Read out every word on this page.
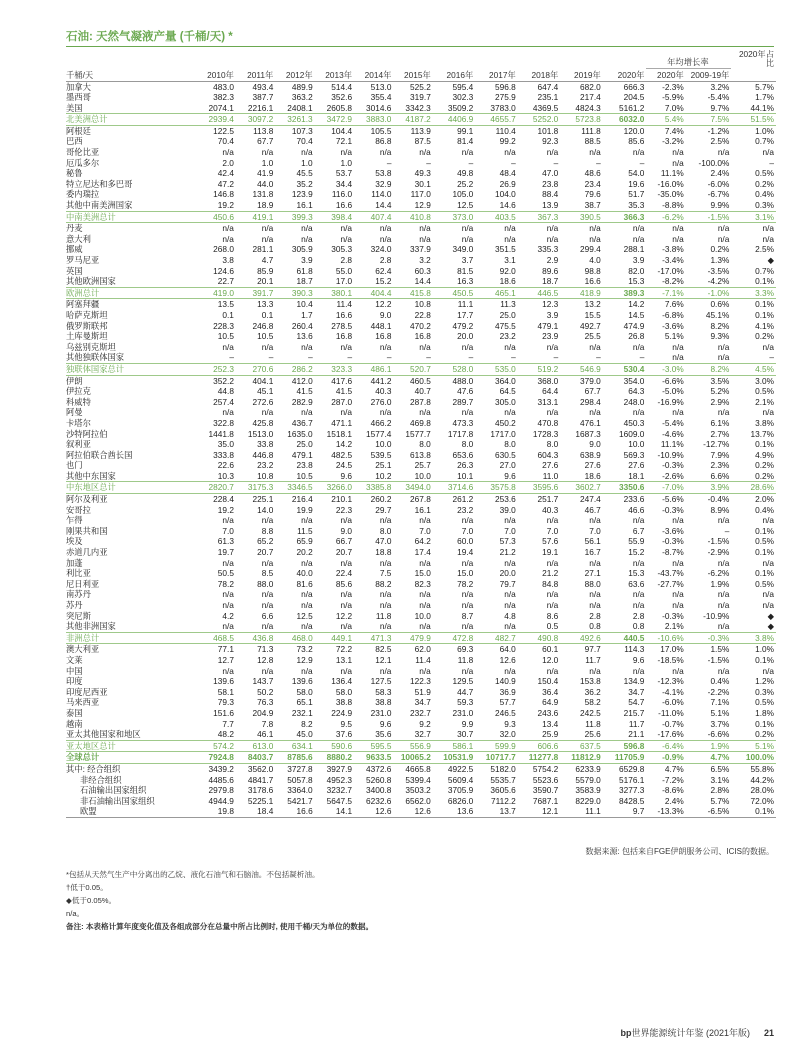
石油: 天然气凝液产量 (千桶/天) *
												年均增长率		2020年占比
千桶/天	2010年	2011年	2012年	2013年	2014年	2015年	2016年	2017年	2018年	2019年	2020年	2020年	2009-19年	
加拿大	483.0	493.4	489.9	514.4	513.0	525.2	595.4	596.8	647.4	682.0	666.3	-2.3%	3.2%	5.7%
墨西哥	382.3	387.7	363.2	352.6	355.4	319.7	302.3	275.9	235.1	217.4	204.5	-5.9%	-5.4%	1.7%
美国	2074.1	2216.1	2408.1	2605.8	3014.6	3342.3	3509.2	3783.0	4369.5	4824.3	5161.2	7.0%	9.7%	44.1%
北美洲总计	2939.4	3097.2	3261.3	3472.9	3883.0	4187.2	4406.9	4655.7	5252.0	5723.8	6032.0	5.4%	7.5%	51.5%
阿根廷	122.5	113.8	107.3	104.4	105.5	113.9	99.1	110.4	101.8	111.8	120.0	7.4%	-1.2%	1.0%
巴西	70.4	67.7	70.4	72.1	86.8	87.5	81.4	99.2	92.3	88.5	85.6	-3.2%	2.5%	0.7%
哥伦比亚	n/a	n/a	n/a	n/a	n/a	n/a	n/a	n/a	n/a	n/a	n/a	n/a	n/a	n/a
厄瓜多尔	2.0	1.0	1.0	1.0	–	–	–	–	–	–	–	n/a	-100.0%	–
秘鲁	42.4	41.9	45.5	53.7	53.8	49.3	49.8	48.4	47.0	48.6	54.0	11.1%	2.4%	0.5%
特立尼达和多巴哥	47.2	44.0	35.2	34.4	32.9	30.1	25.2	26.9	23.8	23.4	19.6	-16.0%	-6.0%	0.2%
委内瑞拉	146.8	131.8	123.9	116.0	114.0	117.0	105.0	104.0	88.4	79.6	51.7	-35.0%	-6.7%	0.4%
其他中南美洲国家	19.2	18.9	16.1	16.6	14.4	12.9	12.5	14.6	13.9	38.7	35.3	-8.8%	9.9%	0.3%
中南美洲总计	450.6	419.1	399.3	398.4	407.4	410.8	373.0	403.5	367.3	390.5	366.3	-6.2%	-1.5%	3.1%
丹麦	n/a	n/a	n/a	n/a	n/a	n/a	n/a	n/a	n/a	n/a	n/a	n/a	n/a	n/a
意大利	n/a	n/a	n/a	n/a	n/a	n/a	n/a	n/a	n/a	n/a	n/a	n/a	n/a	n/a
挪威	268.0	281.1	305.9	305.3	324.0	337.9	349.0	351.5	335.3	299.4	288.1	-3.8%	0.2%	2.5%
罗马尼亚	3.8	4.7	3.9	2.8	2.8	3.2	3.7	3.1	2.9	4.0	3.9	-3.4%	1.3%	◆
英国	124.6	85.9	61.8	55.0	62.4	60.3	81.5	92.0	89.6	98.8	82.0	-17.0%	-3.5%	0.7%
其他欧洲国家	22.7	20.1	18.7	17.0	15.2	14.4	16.3	18.6	18.7	16.6	15.3	-8.2%	-4.2%	0.1%
欧洲总计	419.0	391.7	390.3	380.1	404.4	415.8	450.5	465.1	446.5	418.9	389.3	-7.1%	-1.0%	3.3%
阿塞拜疆	13.5	13.3	10.4	11.4	12.2	10.8	11.1	11.3	12.3	13.2	14.2	7.6%	0.6%	0.1%
哈萨克斯坦	0.1	0.1	1.7	16.6	9.0	22.8	17.7	25.0	3.9	15.5	14.5	-6.8%	45.1%	0.1%
俄罗斯联邦	228.3	246.8	260.4	278.5	448.1	470.2	479.2	475.5	479.1	492.7	474.9	-3.6%	8.2%	4.1%
土库曼斯坦	10.5	10.5	13.6	16.8	16.8	16.8	20.0	23.2	23.9	25.5	26.8	5.1%	9.3%	0.2%
乌兹别克斯坦	n/a	n/a	n/a	n/a	n/a	n/a	n/a	n/a	n/a	n/a	n/a	n/a	n/a	n/a
其他独联体国家	–	–	–	–	–	–	–	–	–	–	–	n/a	n/a	–
独联体国家总计	252.3	270.6	286.2	323.3	486.1	520.7	528.0	535.0	519.2	546.9	530.4	-3.0%	8.2%	4.5%
伊朗	352.2	404.1	412.0	417.6	441.2	460.5	488.0	364.0	368.0	379.0	354.0	-6.6%	3.5%	3.0%
伊拉克	44.8	45.1	41.5	41.5	40.3	40.7	47.6	64.5	64.4	67.7	64.3	-5.0%	5.2%	0.5%
科威特	257.4	272.6	282.9	287.0	276.0	287.8	289.7	305.0	313.1	298.4	248.0	-16.9%	2.9%	2.1%
阿曼	n/a	n/a	n/a	n/a	n/a	n/a	n/a	n/a	n/a	n/a	n/a	n/a	n/a	n/a
卡塔尔	322.8	425.8	436.7	471.1	466.2	469.8	473.3	450.2	470.8	476.1	450.3	-5.4%	6.1%	3.8%
沙特阿拉伯	1441.8	1513.0	1635.0	1518.1	1577.4	1577.7	1717.8	1717.0	1728.3	1687.3	1609.0	-4.6%	2.7%	13.7%
叙利亚	35.0	33.8	25.0	14.2	10.0	8.0	8.0	8.0	8.0	9.0	10.0	11.1%	-12.7%	0.1%
阿拉伯联合酋长国	333.8	446.8	479.1	482.5	539.5	613.8	653.6	630.5	604.3	638.9	569.3	-10.9%	7.9%	4.9%
也门	22.6	23.2	23.8	24.5	25.1	25.7	26.3	27.0	27.6	27.6	27.6	-0.3%	2.3%	0.2%
其他中东国家	10.3	10.8	10.5	9.6	10.2	10.0	10.1	9.6	11.0	18.6	18.1	-2.6%	6.6%	0.2%
中东地区总计	2820.7	3175.3	3346.5	3266.0	3385.8	3494.0	3714.6	3575.8	3595.6	3602.7	3350.6	-7.0%	3.9%	28.6%
阿尔及利亚	228.4	225.1	216.4	210.1	260.2	267.8	261.2	253.6	251.7	247.4	233.6	-5.6%	-0.4%	2.0%
安哥拉	19.2	14.0	19.9	22.3	29.7	16.1	23.2	39.0	40.3	46.7	46.6	-0.3%	8.9%	0.4%
乍得	n/a	n/a	n/a	n/a	n/a	n/a	n/a	n/a	n/a	n/a	n/a	n/a	n/a	n/a
刚果共和国	7.0	8.8	11.5	9.0	8.0	7.0	7.0	7.0	7.0	7.0	6.7	-3.6%	–	0.1%
埃及	61.3	65.2	65.9	66.7	47.0	64.2	60.0	57.3	57.6	56.1	55.9	-0.3%	-1.5%	0.5%
赤道几内亚	19.7	20.7	20.2	20.7	18.8	17.4	19.4	21.2	19.1	16.7	15.2	-8.7%	-2.9%	0.1%
加蓬	n/a	n/a	n/a	n/a	n/a	n/a	n/a	n/a	n/a	n/a	n/a	n/a	n/a	n/a
利比亚	50.5	8.5	40.0	22.4	7.5	15.0	15.0	20.0	21.2	27.1	15.3	-43.7%	-6.2%	0.1%
尼日利亚	78.2	88.0	81.6	85.6	88.2	82.3	78.2	79.7	84.8	88.0	63.6	-27.7%	1.9%	0.5%
南苏丹	n/a	n/a	n/a	n/a	n/a	n/a	n/a	n/a	n/a	n/a	n/a	n/a	n/a	n/a
苏丹	n/a	n/a	n/a	n/a	n/a	n/a	n/a	n/a	n/a	n/a	n/a	n/a	n/a	n/a
突尼斯	4.2	6.6	12.5	12.2	11.8	10.0	8.7	4.8	8.6	2.8	2.8	-0.3%	-10.9%	◆
其他非洲国家	n/a	n/a	n/a	n/a	n/a	n/a	n/a	n/a	0.5	0.8	0.8	2.1%	n/a	◆
非洲总计	468.5	436.8	468.0	449.1	471.3	479.9	472.8	482.7	490.8	492.6	440.5	-10.6%	-0.3%	3.8%
澳大利亚	77.1	71.3	73.2	72.2	82.5	62.0	69.3	64.0	60.1	97.7	114.3	17.0%	1.5%	1.0%
文莱	12.7	12.8	12.9	13.1	12.1	11.4	11.8	12.6	12.0	11.7	9.6	-18.5%	-1.5%	0.1%
中国	n/a	n/a	n/a	n/a	n/a	n/a	n/a	n/a	n/a	n/a	n/a	n/a	n/a	n/a
印度	139.6	143.7	139.6	136.4	127.5	122.3	129.5	140.9	150.4	153.8	134.9	-12.3%	0.4%	1.2%
印度尼西亚	58.1	50.2	58.0	58.0	58.3	51.9	44.7	36.9	36.4	36.2	34.7	-4.1%	-2.2%	0.3%
马来西亚	79.3	76.3	65.1	38.8	38.8	34.7	59.3	57.7	64.9	58.2	54.7	-6.0%	7.1%	0.5%
泰国	151.6	204.9	232.1	224.9	231.0	232.7	231.0	246.5	243.6	242.5	215.7	-11.0%	5.1%	1.8%
越南	7.7	7.8	8.2	9.5	9.6	9.2	9.9	9.3	13.4	11.8	11.7	-0.7%	3.7%	0.1%
亚太其他国家和地区	48.2	46.1	45.0	37.6	35.6	32.7	30.7	32.0	25.9	25.6	21.1	-17.6%	-6.6%	0.2%
亚太地区总计	574.2	613.0	634.1	590.6	595.5	556.9	586.1	599.9	606.6	637.5	596.8	-6.4%	1.9%	5.1%
全球总计	7924.8	8403.7	8785.6	8880.2	9633.5	10065.2	10531.9	10717.7	11277.8	11812.9	11705.9	-0.9%	4.7%	100.0%
其中: 经合组织	3439.2	3562.0	3727.8	3927.9	4372.6	4665.8	4922.5	5182.0	5754.2	6233.9	6529.8	4.7%	6.5%	55.8%
非经合组织	4485.6	4841.7	5057.8	4952.3	5260.8	5399.4	5609.4	5535.7	5523.6	5579.0	5176.1	-7.2%	3.1%	44.2%
石油输出国家组织	2979.8	3178.6	3364.0	3232.7	3400.8	3503.2	3705.9	3605.6	3590.7	3583.9	3277.3	-8.6%	2.8%	28.0%
非石油输出国家组织	4944.9	5225.1	5421.7	5647.5	6232.6	6562.0	6826.0	7112.2	7687.1	8229.0	8428.5	2.4%	5.7%	72.0%
欧盟	19.8	18.4	16.6	14.1	12.6	12.6	13.6	13.7	12.1	11.1	9.7	-13.3%	-6.5%	0.1%
数据来源: 包括来自FGE伊朗服务公司、ICIS的数据。
*包括从天然气生产中分离出的乙烷、液化石油气和石脑油。不包括凝析油。
†低于0.05。
◆低于0.05%。
n/a。
备注: 本表格计算年度变化值及各组成部分在总量中所占比例时, 使用千桶/天为单位的数据。
bp世界能源统计年鉴 (2021年版) 21
